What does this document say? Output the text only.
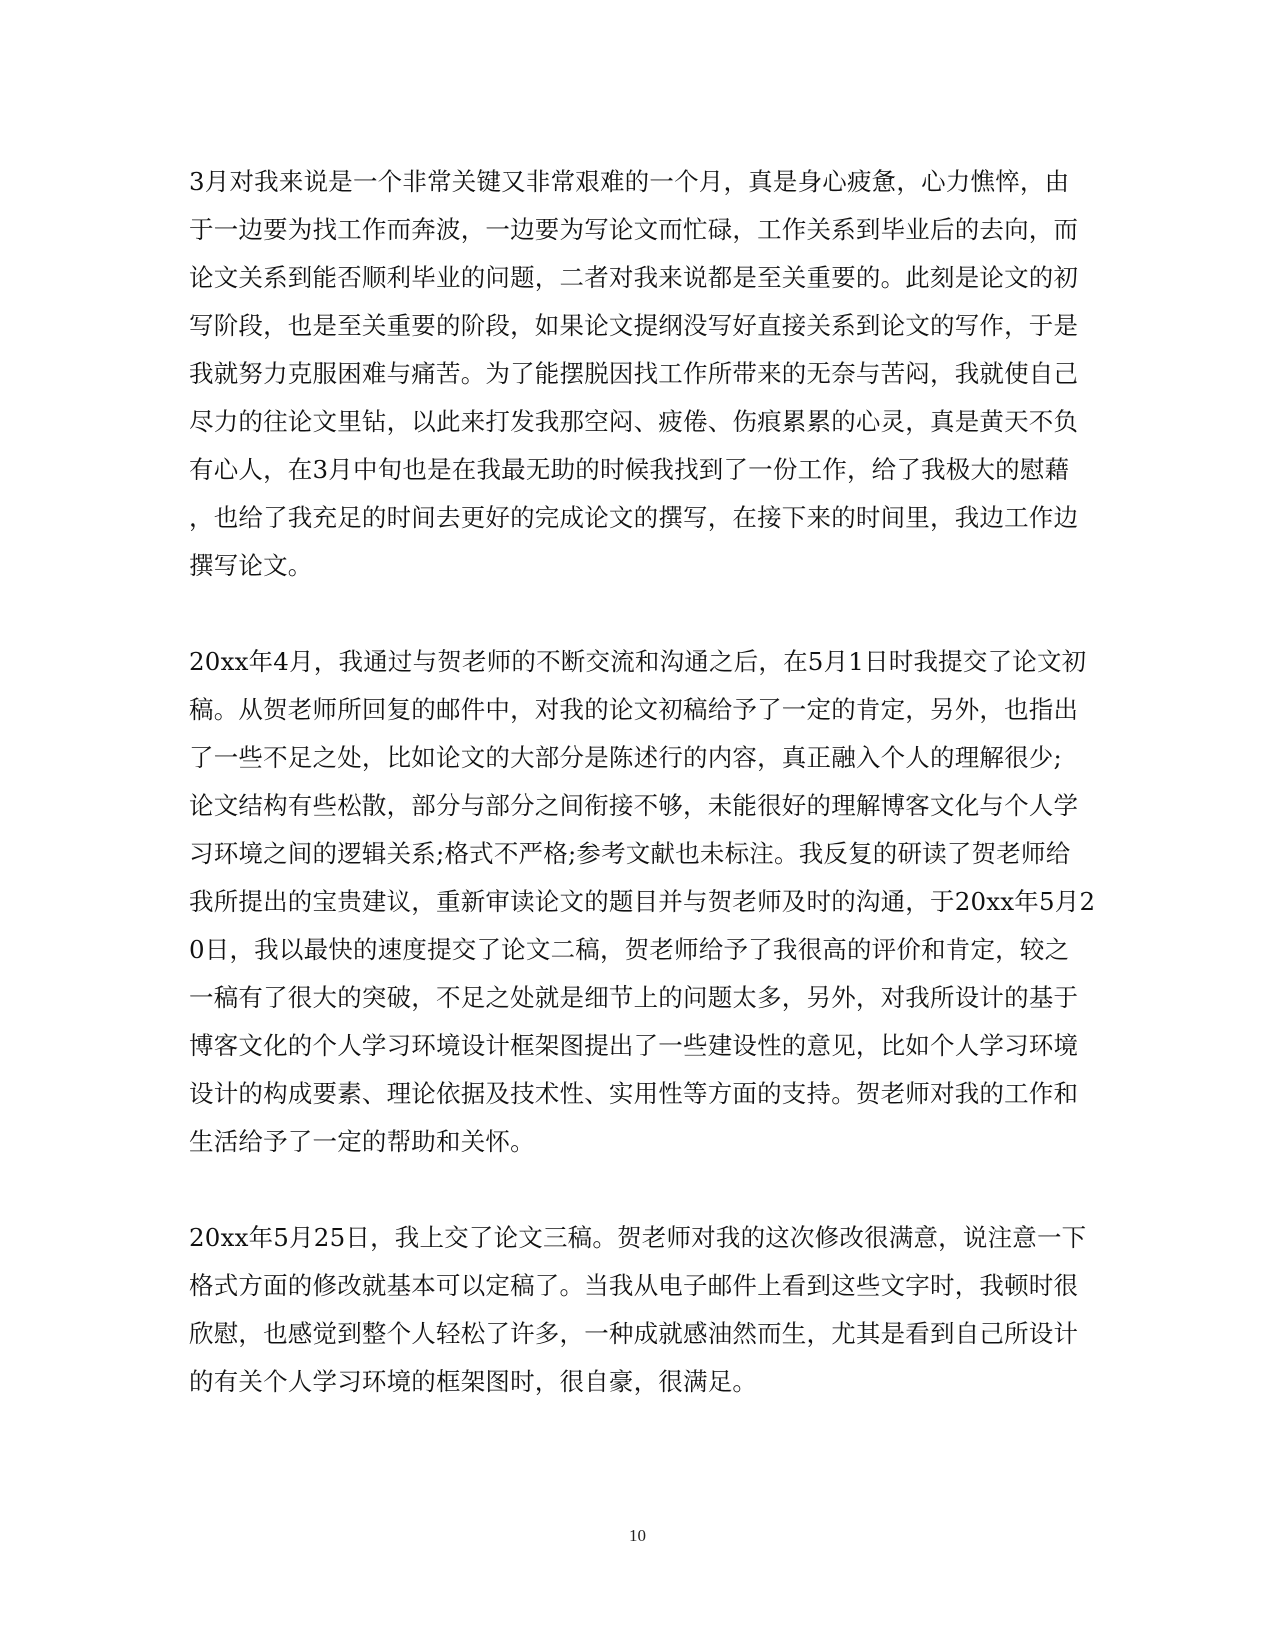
3月对我来说是一个非常关键又非常艰难的一个月，真是身心疲惫，心力憔悴，由
于一边要为找工作而奔波，一边要为写论文而忙碌，工作关系到毕业后的去向，而
论文关系到能否顺利毕业的问题，二者对我来说都是至关重要的。此刻是论文的初
写阶段，也是至关重要的阶段，如果论文提纲没写好直接关系到论文的写作，于是
我就努力克服困难与痛苦。为了能摆脱因找工作所带来的无奈与苦闷，我就使自己
尽力的往论文里钻，以此来打发我那空闷、疲倦、伤痕累累的心灵，真是黄天不负
有心人，在3月中旬也是在我最无助的时候我找到了一份工作，给了我极大的慰藉
，也给了我充足的时间去更好的完成论文的撰写，在接下来的时间里，我边工作边
撰写论文。
20xx年4月，我通过与贺老师的不断交流和沟通之后，在5月1日时我提交了论文初
稿。从贺老师所回复的邮件中，对我的论文初稿给予了一定的肯定，另外，也指出
了一些不足之处，比如论文的大部分是陈述行的内容，真正融入个人的理解很少;
论文结构有些松散，部分与部分之间衔接不够，未能很好的理解博客文化与个人学
习环境之间的逻辑关系;格式不严格;参考文献也未标注。我反复的研读了贺老师给
我所提出的宝贵建议，重新审读论文的题目并与贺老师及时的沟通，于20xx年5月2
0日，我以最快的速度提交了论文二稿，贺老师给予了我很高的评价和肯定，较之
一稿有了很大的突破，不足之处就是细节上的问题太多，另外，对我所设计的基于
博客文化的个人学习环境设计框架图提出了一些建设性的意见，比如个人学习环境
设计的构成要素、理论依据及技术性、实用性等方面的支持。贺老师对我的工作和
生活给予了一定的帮助和关怀。
20xx年5月25日，我上交了论文三稿。贺老师对我的这次修改很满意，说注意一下
格式方面的修改就基本可以定稿了。当我从电子邮件上看到这些文字时，我顿时很
欣慰，也感觉到整个人轻松了许多，一种成就感油然而生，尤其是看到自己所设计
的有关个人学习环境的框架图时，很自豪，很满足。
10
